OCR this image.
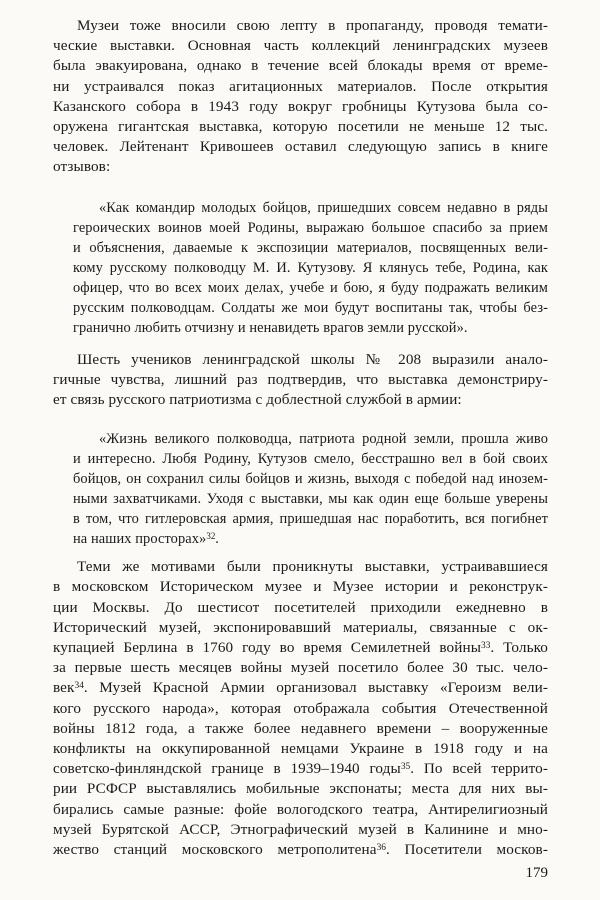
Музеи тоже вносили свою лепту в пропаганду, проводя темати-
ческие выставки. Основная часть коллекций ленинградских музеев
была эвакуирована, однако в течение всей блокады время от време-
ни устраивался показ агитационных материалов. После открытия
Казанского собора в 1943 году вокруг гробницы Кутузова была со-
оружена гигантская выставка, которую посетили не меньше 12 тыс.
человек. Лейтенант Кривошеев оставил следующую запись в книге
отзывов:
«Как командир молодых бойцов, пришедших совсем недавно в ряды
героических воинов моей Родины, выражаю большое спасибо за прием
и объяснения, даваемые к экспозиции материалов, посвященных вели-
кому русскому полководцу М. И. Кутузову. Я клянусь тебе, Родина, как
офицер, что во всех моих делах, учебе и бою, я буду подражать великим
русским полководцам. Солдаты же мои будут воспитаны так, чтобы без-
гранично любить отчизну и ненавидеть врагов земли русской».
Шесть учеников ленинградской школы № 208 выразили анало-
гичные чувства, лишний раз подтвердив, что выставка демонстриру-
ет связь русского патриотизма с доблестной службой в армии:
«Жизнь великого полководца, патриота родной земли, прошла живо
и интересно. Любя Родину, Кутузов смело, бесстрашно вел в бой своих
бойцов, он сохранил силы бойцов и жизнь, выходя с победой над инозем-
ными захватчиками. Уходя с выставки, мы как один еще больше уверены
в том, что гитлеровская армия, пришедшая нас поработить, вся погибнет
на наших просторах»$^{32}$.
Теми же мотивами были проникнуты выставки, устраивавшиеся
в московском Историческом музее и Музее истории и реконструк-
ции Москвы. До шестисот посетителей приходили ежедневно в
Исторический музей, экспонировавший материалы, связанные с ок-
купацией Берлина в 1760 году во время Семилетней войны$^{33}$. Только
за первые шесть месяцев войны музей посетило более 30 тыс. чело-
век$^{34}$. Музей Красной Армии организовал выставку «Героизм вели-
кого русского народа», которая отображала события Отечественной
войны 1812 года, а также более недавнего времени – вооруженные
конфликты на оккупированной немцами Украине в 1918 году и на
советско-финляндской границе в 1939–1940 годы$^{35}$. По всей террито-
рии РСФСР выставлялись мобильные экспонаты; места для них вы-
бирались самые разные: фойе вологодского театра, Антирелигиозный
музей Бурятской АССР, Этнографический музей в Калинине и мно-
жество станций московского метрополитена$^{36}$. Посетители москов-
179
